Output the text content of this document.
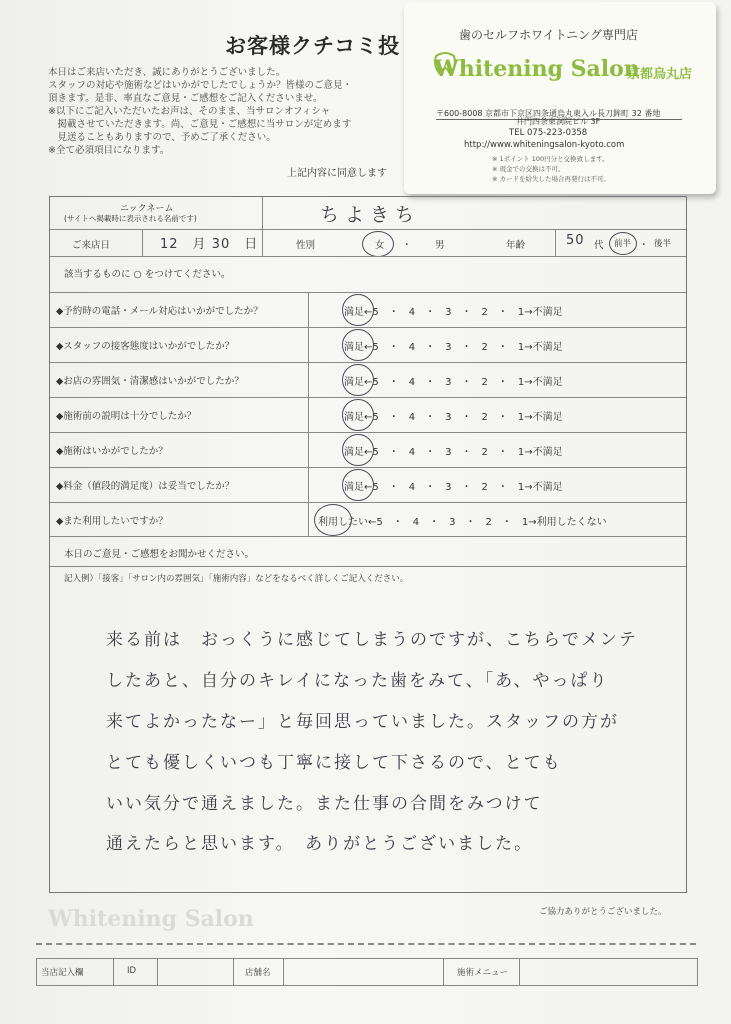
お客様クチコミ投
本日はご来店いただき、誠にありがとうございました。
スタッフの対応や施術などはいかがでしたでしょうか？皆様のご意見・
頂きます。是非、率直なご意見・ご感想をご記入くださいませ。
※以下にご記入いただいたお声は、そのまま、当サロンオフィシャ
　掲載させていただきます。尚、ご意見・ご感想に当サロンが定めます
　見送ることもありますので、予めご了承ください。
※全て必須項目になります。
上記内容に同意します
歯のセルフホワイトニング専門店
Whitening Salon
京都烏丸店
〒600-8008 京都市下京区四条通烏丸東入ル長刀鉾町 32 番地
井門四条東洞院ビル 3F
TEL 075-223-0358
http://www.whiteningsalon-kyoto.com
※ 1ポイント 100円分と交換致します。
※ 現金での交換は不可。
※ カードを紛失した場合再発行は不可。
ニックネーム
(サイトへ掲載時に表示される名前です)	ちよきち
ご来店日	12　月 30　日	性別	女 ・ 男	年齢	50 代 前半 ・ 後半
該当するものに ○ をつけてください。
◆予約時の電話・メール対応はいかがでしたか？	満足←5　・　4　・　3　・　2　・　1→不満足
◆スタッフの接客態度はいかがでしたか？	満足←5　・　4　・　3　・　2　・　1→不満足
◆お店の雰囲気・清潔感はいかがでしたか？	満足←5　・　4　・　3　・　2　・　1→不満足
◆施術前の説明は十分でしたか？	満足←5　・　4　・　3　・　2　・　1→不満足
◆施術はいかがでしたか？	満足←5　・　4　・　3　・　2　・　1→不満足
◆料金（値段的満足度）は妥当でしたか？	満足←5　・　4　・　3　・　2　・　1→不満足
◆また利用したいですか？	利用したい←5　・　4　・　3　・　2　・　1→利用したくない
本日のご意見・ご感想をお聞かせください。
記入例）「接客」「サロン内の雰囲気」「施術内容」などをなるべく詳しくご記入ください。
来る前は　おっくうに感じてしまうのですが、こちらでメンテ
したあと、自分のキレイになった歯をみて、「あ、やっぱり
来てよかったなー」と毎回思っていました。スタッフの方が
とても優しくいつも丁寧に接して下さるので、とても
いい気分で通えました。また仕事の合間をみつけて
通えたらと思います。　ありがとうございました。
Whitening Salon	ご協力ありがとうございました。
当店記入欄	ID	店舗名	施術メニュー
